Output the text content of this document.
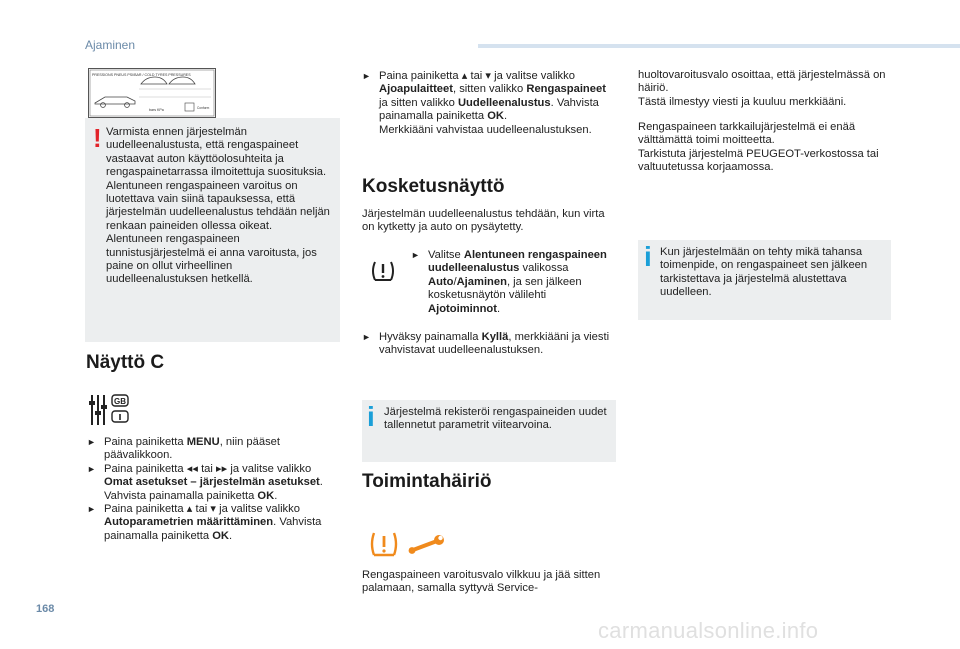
Ajaminen
PRESSIONS PNEUS PSI/BAR / COLD TYRES PRESSURES
bars KPa	Conform
! Varmista ennen järjestelmän uudelleenalustusta, että rengaspaineet vastaavat auton käyttöolosuhteita ja rengaspainetarrassa ilmoitettuja suosituksia.
Alentuneen rengaspaineen varoitus on luotettava vain siinä tapauksessa, että järjestelmän uudelleenalustus tehdään neljän renkaan paineiden ollessa oikeat.
Alentuneen rengaspaineen tunnistusjärjestelmä ei anna varoitusta, jos paine on ollut virheellinen uudelleenalustuksen hetkellä.
Näyttö C
GB
► Paina painiketta MENU, niin pääset päävalikkoon.
► Paina painiketta ◂◂ tai ▸▸ ja valitse valikko Omat asetukset – järjestelmän asetukset. Vahvista painamalla painiketta OK.
► Paina painiketta ▴ tai ▾ ja valitse valikko Autoparametrien määrittäminen. Vahvista painamalla painiketta OK.
► Paina painiketta ▴ tai ▾ ja valitse valikko Ajoapulaitteet, sitten valikko Rengaspaineet ja sitten valikko Uudelleenalustus. Vahvista painamalla painiketta OK.
Merkkiääni vahvistaa uudelleenalustuksen.
Kosketusnäyttö
Järjestelmän uudelleenalustus tehdään, kun virta on kytketty ja auto on pysäytetty.
► Valitse Alentuneen rengaspaineen uudelleenalustus valikossa Auto/Ajaminen, ja sen jälkeen kosketusnäytön välilehti Ajotoiminnot.
► Hyväksy painamalla Kyllä, merkkiääni ja viesti vahvistavat uudelleenalustuksen.
i Järjestelmä rekisteröi rengaspaineiden uudet tallennetut parametrit viitearvoina.
Toimintahäiriö
Rengaspaineen varoitusvalo vilkkuu ja jää sitten palamaan, samalla syttyvä Service-
huoltovaroitusvalo osoittaa, että järjestelmässä on häiriö.
Tästä ilmestyy viesti ja kuuluu merkkiääni.
Rengaspaineen tarkkailujärjestelmä ei enää välttämättä toimi moitteetta.
Tarkistuta järjestelmä PEUGEOT-verkostossa tai valtuutetussa korjaamossa.
i Kun järjestelmään on tehty mikä tahansa toimenpide, on rengaspaineet sen jälkeen tarkistettava ja järjestelmä alustettava uudelleen.
168
carmanualsonline.info
